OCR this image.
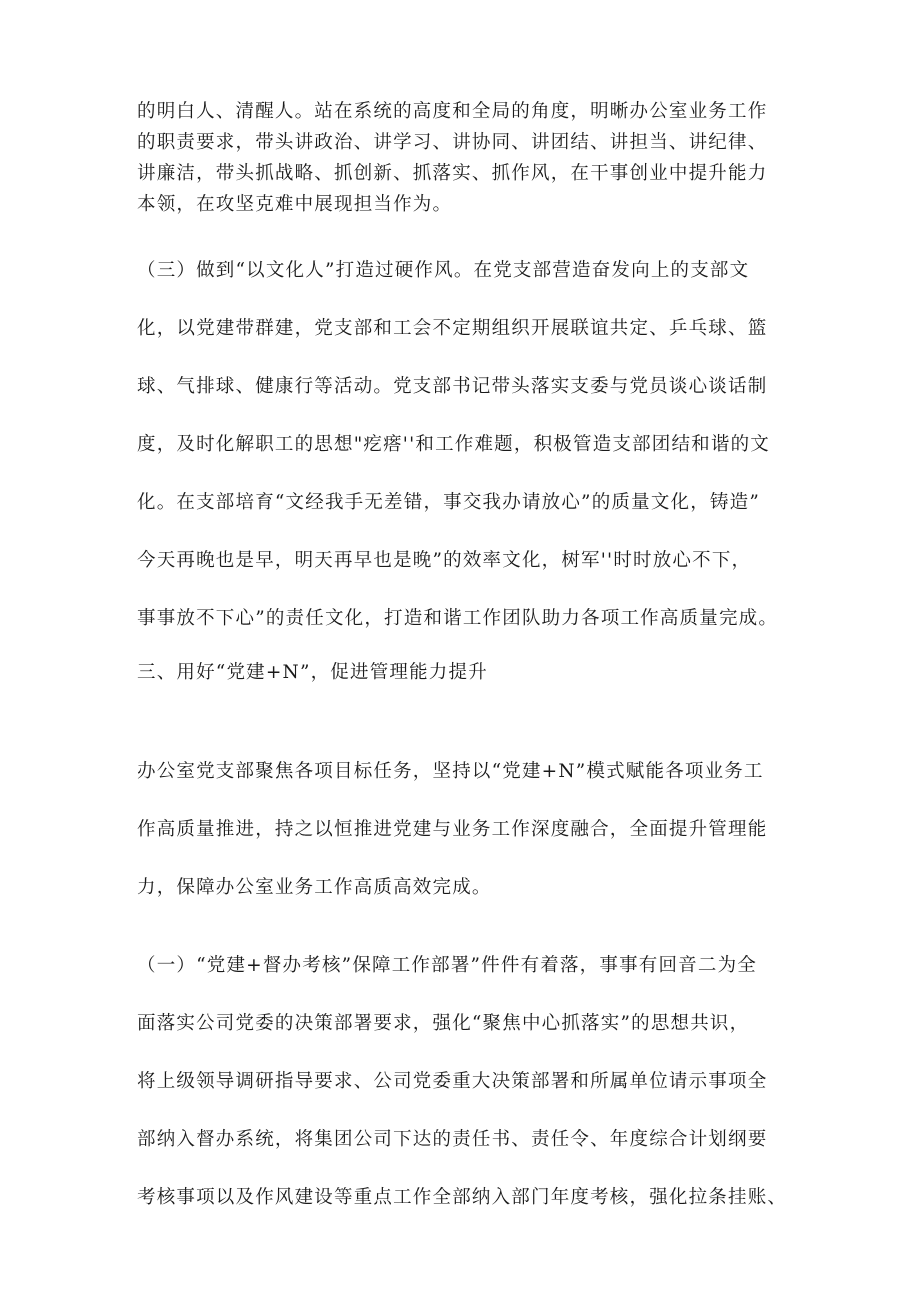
的明白人、清醒人。站在系统的高度和全局的角度，明晰办公室业务工作
的职责要求，带头讲政治、讲学习、讲协同、讲团结、讲担当、讲纪律、
讲廉洁，带头抓战略、抓创新、抓落实、抓作风，在干事创业中提升能力
本领，在攻坚克难中展现担当作为。
（三）做到“以文化人”打造过硬作风。在党支部营造奋发向上的支部文
化，以党建带群建，党支部和工会不定期组织开展联谊共定、乒乓球、篮
球、气排球、健康行等活动。党支部书记带头落实支委与党员谈心谈话制
度，及时化解职工的思想"疙瘩''和工作难题，积极管造支部团结和谐的文
化。在支部培育“文经我手无差错，事交我办请放心”的质量文化，铸造”
今天再晚也是早，明天再早也是晚”的效率文化，树军''时时放心不下，
事事放不下心”的责任文化，打造和谐工作团队助力各项工作高质量完成。
三、用好“党建+N”，促进管理能力提升
办公室党支部聚焦各项目标任务，坚持以“党建+N”模式赋能各项业务工
作高质量推进，持之以恒推进党建与业务工作深度融合，全面提升管理能
力，保障办公室业务工作高质高效完成。
（一）“党建+督办考核”保障工作部署”件件有着落，事事有回音二为全
面落实公司党委的决策部署要求，强化“聚焦中心抓落实”的思想共识，
将上级领导调研指导要求、公司党委重大决策部署和所属单位请示事项全
部纳入督办系统，将集团公司下达的责任书、责任令、年度综合计划纲要
考核事项以及作风建设等重点工作全部纳入部门年度考核，强化拉条挂账、
